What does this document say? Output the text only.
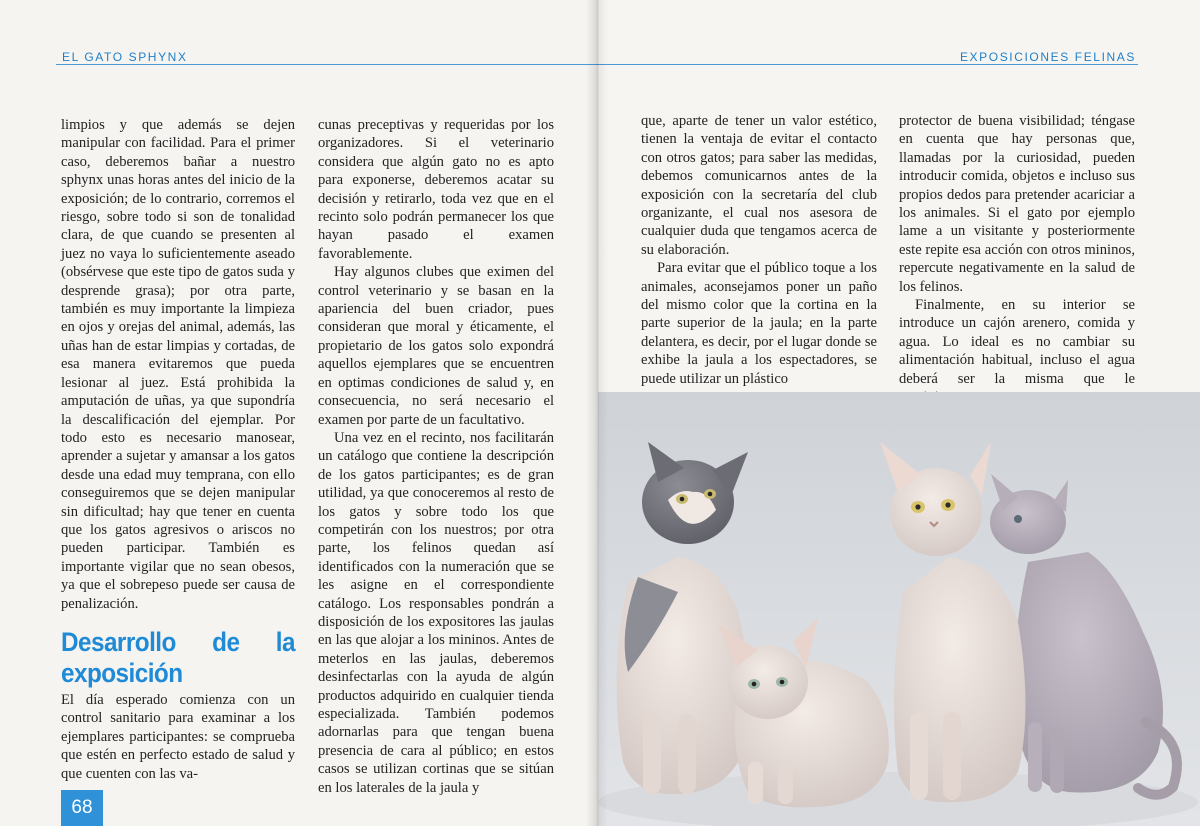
EL GATO SPHYNX

limpios y que además se dejen manipular con facilidad. Para el primer caso, deberemos bañar a nuestro sphynx unas horas antes del inicio de la exposición; de lo contrario, corremos el riesgo, sobre todo si son de tonalidad clara, de que cuando se presenten al juez no vaya lo suficientemente aseado (obsérvese que este tipo de gatos suda y desprende grasa); por otra parte, también es muy importante la limpieza en ojos y orejas del animal, además, las uñas han de estar limpias y cortadas, de esa manera evitaremos que pueda lesionar al juez. Está prohibida la amputación de uñas, ya que supondría la descalificación del ejemplar. Por todo esto es necesario manosear, aprender a sujetar y amansar a los gatos desde una edad muy temprana, con ello conseguiremos que se dejen manipular sin dificultad; hay que tener en cuenta que los gatos agresivos o ariscos no pueden participar. También es importante vigilar que no sean obesos, ya que el sobrepeso puede ser causa de penalización.

Desarrollo de la exposición

El día esperado comienza con un control sanitario para examinar a los ejemplares participantes: se comprueba que estén en perfecto estado de salud y que cuenten con las va-

cunas preceptivas y requeridas por los organizadores. Si el veterinario considera que algún gato no es apto para exponerse, deberemos acatar su decisión y retirarlo, toda vez que en el recinto solo podrán permanecer los que hayan pasado el examen favorablemente.

Hay algunos clubes que eximen del control veterinario y se basan en la apariencia del buen criador, pues consideran que moral y éticamente, el propietario de los gatos solo expondrá aquellos ejemplares que se encuentren en optimas condiciones de salud y, en consecuencia, no será necesario el examen por parte de un facultativo.

Una vez en el recinto, nos facilitarán un catálogo que contiene la descripción de los gatos participantes; es de gran utilidad, ya que conoceremos al resto de los gatos y sobre todo los que competirán con los nuestros; por otra parte, los felinos quedan así identificados con la numeración que se les asigne en el correspondiente catálogo. Los responsables pondrán a disposición de los expositores las jaulas en las que alojar a los mininos. Antes de meterlos en las jaulas, deberemos desinfectarlas con la ayuda de algún productos adquirido en cualquier tienda especializada. También podemos adornarlas para que tengan buena presencia de cara al público; en estos casos se utilizan cortinas que se sitúan en los laterales de la jaula y

68
EXPOSICIONES FELINAS

que, aparte de tener un valor estético, tienen la ventaja de evitar el contacto con otros gatos; para saber las medidas, debemos comunicarnos antes de la exposición con la secretaría del club organizante, el cual nos asesora de cualquier duda que tengamos acerca de su elaboración.

Para evitar que el público toque a los animales, aconsejamos poner un paño del mismo color que la cortina en la parte superior de la jaula; en la parte delantera, es decir, por el lugar donde se exhibe la jaula a los espectadores, se puede utilizar un plástico

protector de buena visibilidad; téngase en cuenta que hay personas que, llamadas por la curiosidad, pueden introducir comida, objetos e incluso sus propios dedos para pretender acariciar a los animales. Si el gato por ejemplo lame a un visitante y posteriormente este repite esa acción con otros mininos, repercute negativamente en la salud de los felinos.

Finalmente, en su interior se introduce un cajón arenero, comida y agua. Lo ideal es no cambiar su alimentación habitual, incluso el agua deberá ser la misma que le
